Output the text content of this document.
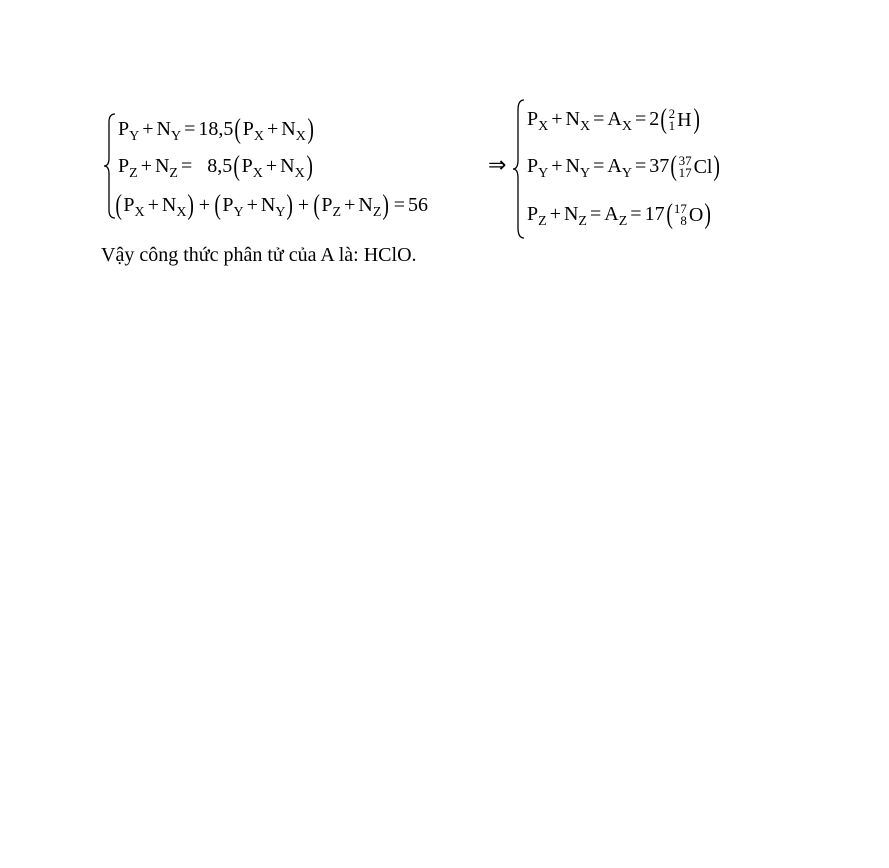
$P_Y + N_Y = 18,5(P_X + N_X)$
$P_Z + N_Z = 8,5(P_X + N_X)$
$(P_X + N_X) + (P_Y + N_Y) + (P_Z + N_Z) = 56$
⇒
$P_X + N_X = A_X = 2$( 2
1 H )
$P_Y + N_Y = A_Y = 37$( 37
17 Cl )
$P_Z + N_Z = A_Z = 17$( 17
8 O )
Vậy công thức phân tử của A là: HClO.
